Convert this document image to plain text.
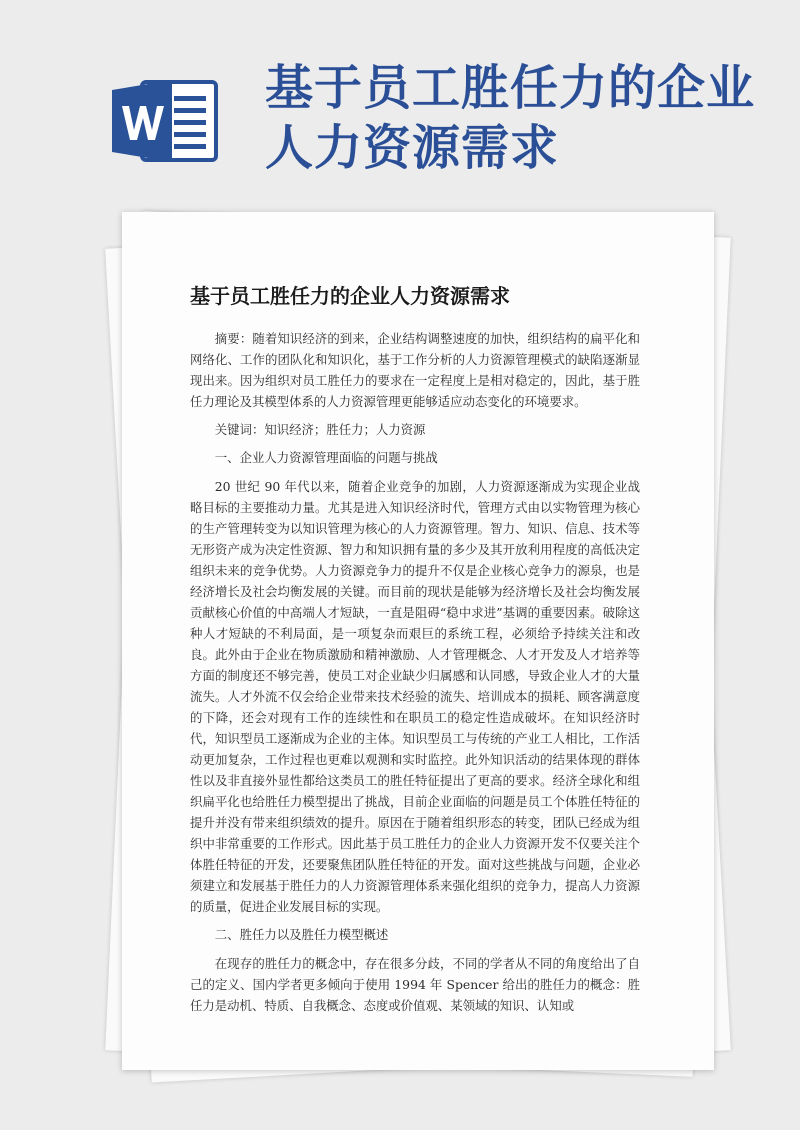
基于员工胜任力的企业
人力资源需求
基于员工胜任力的企业人力资源需求

摘要：随着知识经济的到来，企业结构调整速度的加快，组织结构的扁平化和网络化、工作的团队化和知识化，基于工作分析的人力资源管理模式的缺陷逐渐显现出来。因为组织对员工胜任力的要求在一定程度上是相对稳定的，因此，基于胜任力理论及其模型体系的人力资源管理更能够适应动态变化的环境要求。

关键词：知识经济；胜任力；人力资源

一、企业人力资源管理面临的问题与挑战

20 世纪 90 年代以来，随着企业竞争的加剧，人力资源逐渐成为实现企业战略目标的主要推动力量。尤其是进入知识经济时代，管理方式由以实物管理为核心的生产管理转变为以知识管理为核心的人力资源管理。智力、知识、信息、技术等无形资产成为决定性资源、智力和知识拥有量的多少及其开放利用程度的高低决定组织未来的竞争优势。人力资源竞争力的提升不仅是企业核心竞争力的源泉，也是经济增长及社会均衡发展的关键。而目前的现状是能够为经济增长及社会均衡发展贡献核心价值的中高端人才短缺，一直是阻碍“稳中求进”基调的重要因素。破除这种人才短缺的不利局面，是一项复杂而艰巨的系统工程，必须给予持续关注和改良。此外由于企业在物质激励和精神激励、人才管理概念、人才开发及人才培养等方面的制度还不够完善，使员工对企业缺少归属感和认同感，导致企业人才的大量流失。人才外流不仅会给企业带来技术经验的流失、培训成本的损耗、顾客满意度的下降，还会对现有工作的连续性和在职员工的稳定性造成破坏。在知识经济时代，知识型员工逐渐成为企业的主体。知识型员工与传统的产业工人相比，工作活动更加复杂，工作过程也更难以观测和实时监控。此外知识活动的结果体现的群体性以及非直接外显性都给这类员工的胜任特征提出了更高的要求。经济全球化和组织扁平化也给胜任力模型提出了挑战，目前企业面临的问题是员工个体胜任特征的提升并没有带来组织绩效的提升。原因在于随着组织形态的转变，团队已经成为组织中非常重要的工作形式。因此基于员工胜任力的企业人力资源开发不仅要关注个体胜任特征的开发，还要聚焦团队胜任特征的开发。面对这些挑战与问题，企业必须建立和发展基于胜任力的人力资源管理体系来强化组织的竞争力，提高人力资源的质量，促进企业发展目标的实现。

二、胜任力以及胜任力模型概述

在现存的胜任力的概念中，存在很多分歧，不同的学者从不同的角度给出了自己的定义、国内学者更多倾向于使用 1994 年 Spencer 给出的胜任力的概念：胜任力是动机、特质、自我概念、态度或价值观、某领域的知识、认知或
